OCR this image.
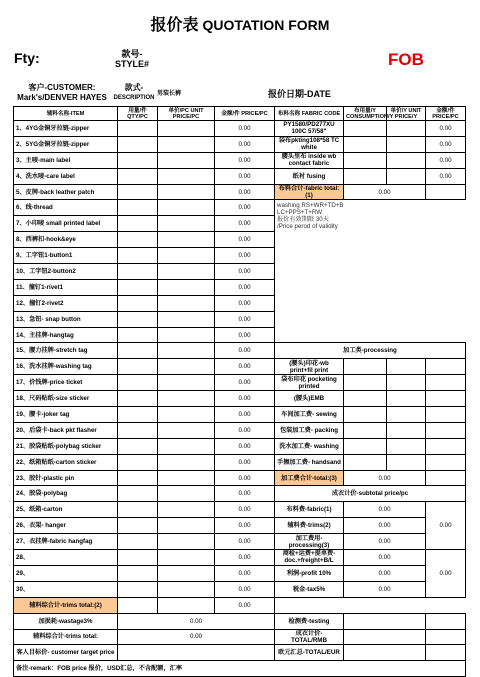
报价表 QUOTATION FORM
Fty:	款号-
STYLE#	FOB
客户-CUSTOMER:
Mark's/DENVER HAYES
款式-
DESCRIPTION
男装长裤	报价日期-DATE
辅料名称-ITEM	用量/件 QTY/PC	单价/PC UNIT PRICE/PC	金额/件 PRICE/PC	布料名称 FABRIC CODE	布用量/Y CONSUMPTION/Y	单价/Y UNIT PRICE/Y	金额/件 PRICE/PC
1、4YG金铜牙拉链-zipper			0.00	PY1580/PD277XU 100C 57/58"			0.00
2、5YG金铜牙拉链-zipper			0.00	袋布pkting108*58 TC white			0.00
3、主唛-main label			0.00	腰头里布 inside wb contact fabric			0.00
4、洗水唛-care label			0.00	纸衬 fusing			0.00
5、皮牌-back leather patch			0.00	布料合计-fabric total:(1)	0.00		
6、线-thread			0.00	washing RS+WR+TD+B
LC+PPS+T+RW
报价有效期限 30天
/Price perod of validity			

7、小印唛 small printed label			0.00				
8、西裤扣-hook&eye			0.00				
9、工字钮1-button1			0.00				
10、工字钮2-button2			0.00				
11、撞钉1-rivet1			0.00				
12、撞钉2-rivet2			0.00				
13、急钮- snap button			0.00				
14、主挂牌-hangtag			0.00				
15、腰力挂牌-stretch tag			0.00	加工类-processing			
16、洗水挂牌-washing tag			0.00	(腰头)印花-wb print+fil print			
17、价钱牌-price ticket			0.00	袋布印花 pocketing printed			
18、尺码贴纸-size sticker			0.00	(腰头)EMB			
19、腰卡-joker tag			0.00	车间加工费- sewing			
20、后袋卡-back pkt flasher			0.00	包装加工费- packing			
21、胶袋贴纸-polybag sticker			0.00	洗水加工费- washing			
22、纸箱贴纸-carton sticker			0.00	手擦加工费- handsand			
23、胶针-plastic pin			0.00	加工费合计-total:(3)	0.00		
24、胶袋-polybag			0.00	成衣计价-subtotal price/pc			
25、纸箱-carton			0.00	布料费-fabric(1)	0.00		0.00
26、衣架- hanger			0.00	辅料费-trims(2)	0.00		
27、衣挂牌-fabric hangfag			0.00	加工费用- processing(3)	0.00		
28、			0.00	商检+运费+提单费- doc.+freight+B/L	0.00		0.00
29、			0.00	利润-profit 10%	0.00		
30、			0.00	税金-tax5%	0.00		
辅料综合计-trims total:(2)			0.00				
加损耗-wastage3%	0.00			检测费-testing			
辅料综合计-trims total:	0.00			成衣计价- TOTAL/RMB			
客人目标价- customer target price				欧元汇总-TOTAL/EUR			
备注-remark：FOB price 报价，USD汇总，不含配额，汇率							
